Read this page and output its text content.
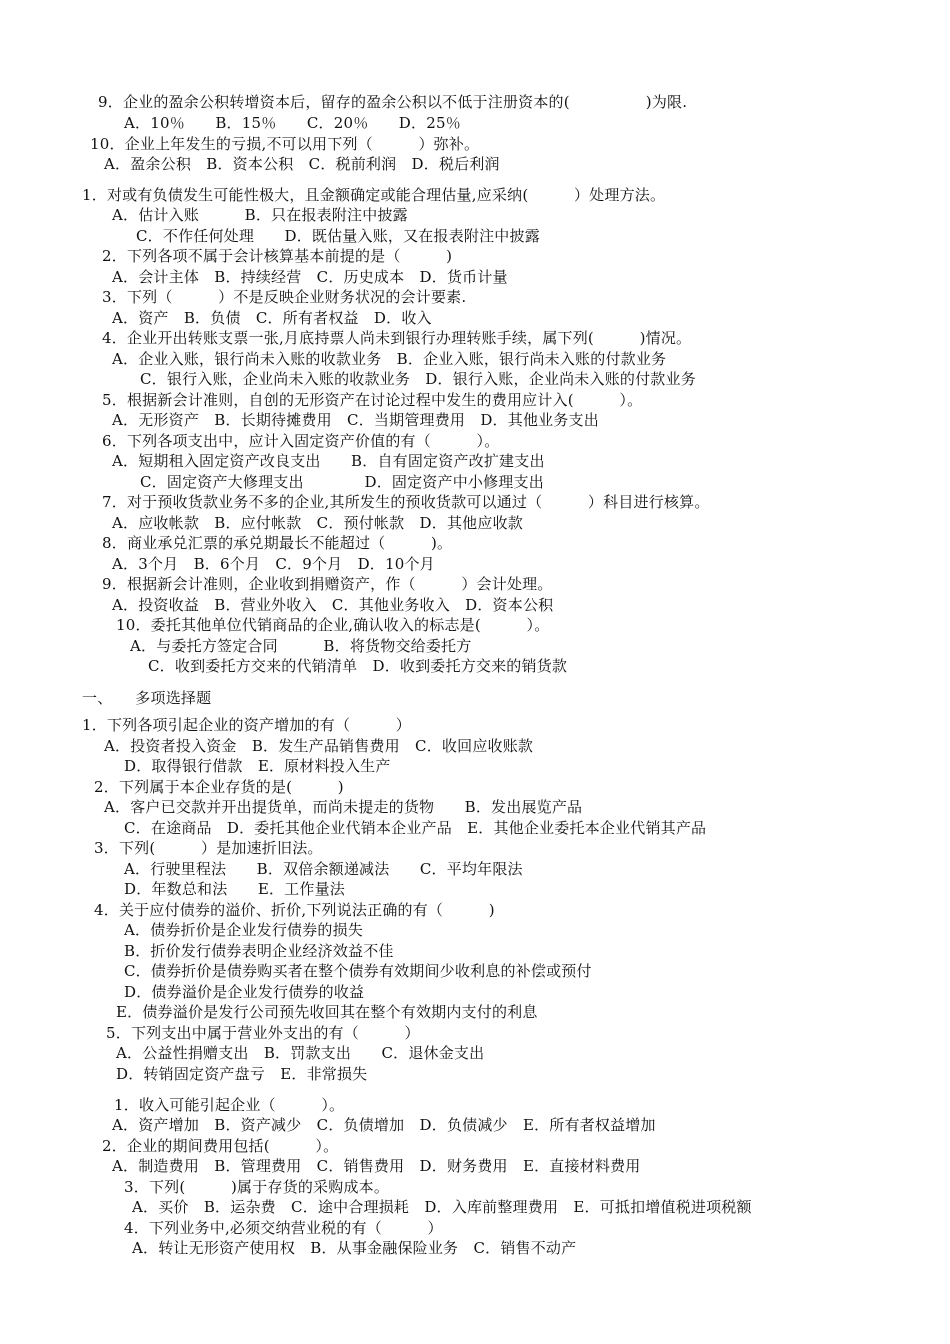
9．企业的盈余公积转增资本后，留存的盈余公积以不低于注册资本的(　　　　　)为限.
A．10％　　B．15％　　C．20％　　D．25％
10．企业上年发生的亏损,不可以用下列（　　　）弥补。
A．盈余公积　B．资本公积　C．税前利润　D．税后利润
1．对或有负债发生可能性极大，且金额确定或能合理估量,应采纳(　　　）处理方法。
A．估计入账　　　B．只在报表附注中披露
C．不作任何处理　　D．既估量入账，又在报表附注中披露
2．下列各项不属于会计核算基本前提的是（　　　)
A．会计主体　B．持续经营　C．历史成本　D．货币计量
3．下列（　　　）不是反映企业财务状况的会计要素.
A．资产　B．负债　C．所有者权益　D．收入
4．企业开出转账支票一张,月底持票人尚未到银行办理转账手续，属下列(　　　)情况。
A．企业入账，银行尚未入账的收款业务　B．企业入账，银行尚未入账的付款业务
C．银行入账，企业尚未入账的收款业务　D．银行入账，企业尚未入账的付款业务
5．根据新会计准则，自创的无形资产在讨论过程中发生的费用应计入(　　　）。
A．无形资产　B．长期待摊费用　C．当期管理费用　D．其他业务支出
6．下列各项支出中，应计入固定资产价值的有（　　　）。
A．短期租入固定资产改良支出　　B．自有固定资产改扩建支出
C．固定资产大修理支出　　　　D．固定资产中小修理支出
7．对于预收货款业务不多的企业,其所发生的预收货款可以通过（　　　）科目进行核算。
A．应收帐款　B．应付帐款　C．预付帐款　D．其他应收款
8．商业承兑汇票的承兑期最长不能超过（　　　)。
A．3个月　B．6个月　C．9个月　D．10个月
9．根据新会计准则，企业收到捐赠资产，作（　　　）会计处理。
A．投资收益　B．营业外收入　C．其他业务收入　D．资本公积
10．委托其他单位代销商品的企业,确认收入的标志是(　　　）。
A．与委托方签定合同　　　B．将货物交给委托方
C．收到委托方交来的代销清单　D．收到委托方交来的销货款
一、　　多项选择题
1．下列各项引起企业的资产增加的有（　　　）
A．投资者投入资金　B．发生产品销售费用　C．收回应收账款
D．取得银行借款　E．原材料投入生产
2．下列属于本企业存货的是(　　　)
A．客户已交款并开出提货单，而尚未提走的货物　　B．发出展览产品
C．在途商品　D．委托其他企业代销本企业产品　E．其他企业委托本企业代销其产品
3．下列(　　　）是加速折旧法。
A．行驶里程法　　B．双倍余额递减法　　C．平均年限法
D．年数总和法　　E．工作量法
4．关于应付债券的溢价、折价,下列说法正确的有（　　　)
A．债券折价是企业发行债券的损失
B．折价发行债券表明企业经济效益不佳
C．债券折价是债券购买者在整个债券有效期间少收利息的补偿或预付
D．债券溢价是企业发行债券的收益
E．债券溢价是发行公司预先收回其在整个有效期内支付的利息
5．下列支出中属于营业外支出的有（　　　）
A．公益性捐赠支出　B．罚款支出　　C．退休金支出
D．转销固定资产盘亏　E．非常损失
1．收入可能引起企业（　　　）。
A．资产增加　B．资产减少　C．负债增加　D．负债减少　E．所有者权益增加
2．企业的期间费用包括(　　　）。
A．制造费用　B．管理费用　C．销售费用　D．财务费用　E．直接材料费用
3．下列(　　　)属于存货的采购成本。
A．买价　B．运杂费　C．途中合理损耗　D．入库前整理费用　E．可抵扣增值税进项税额
4．下列业务中,必须交纳营业税的有（　　　）
A．转让无形资产使用权　B．从事金融保险业务　C．销售不动产
